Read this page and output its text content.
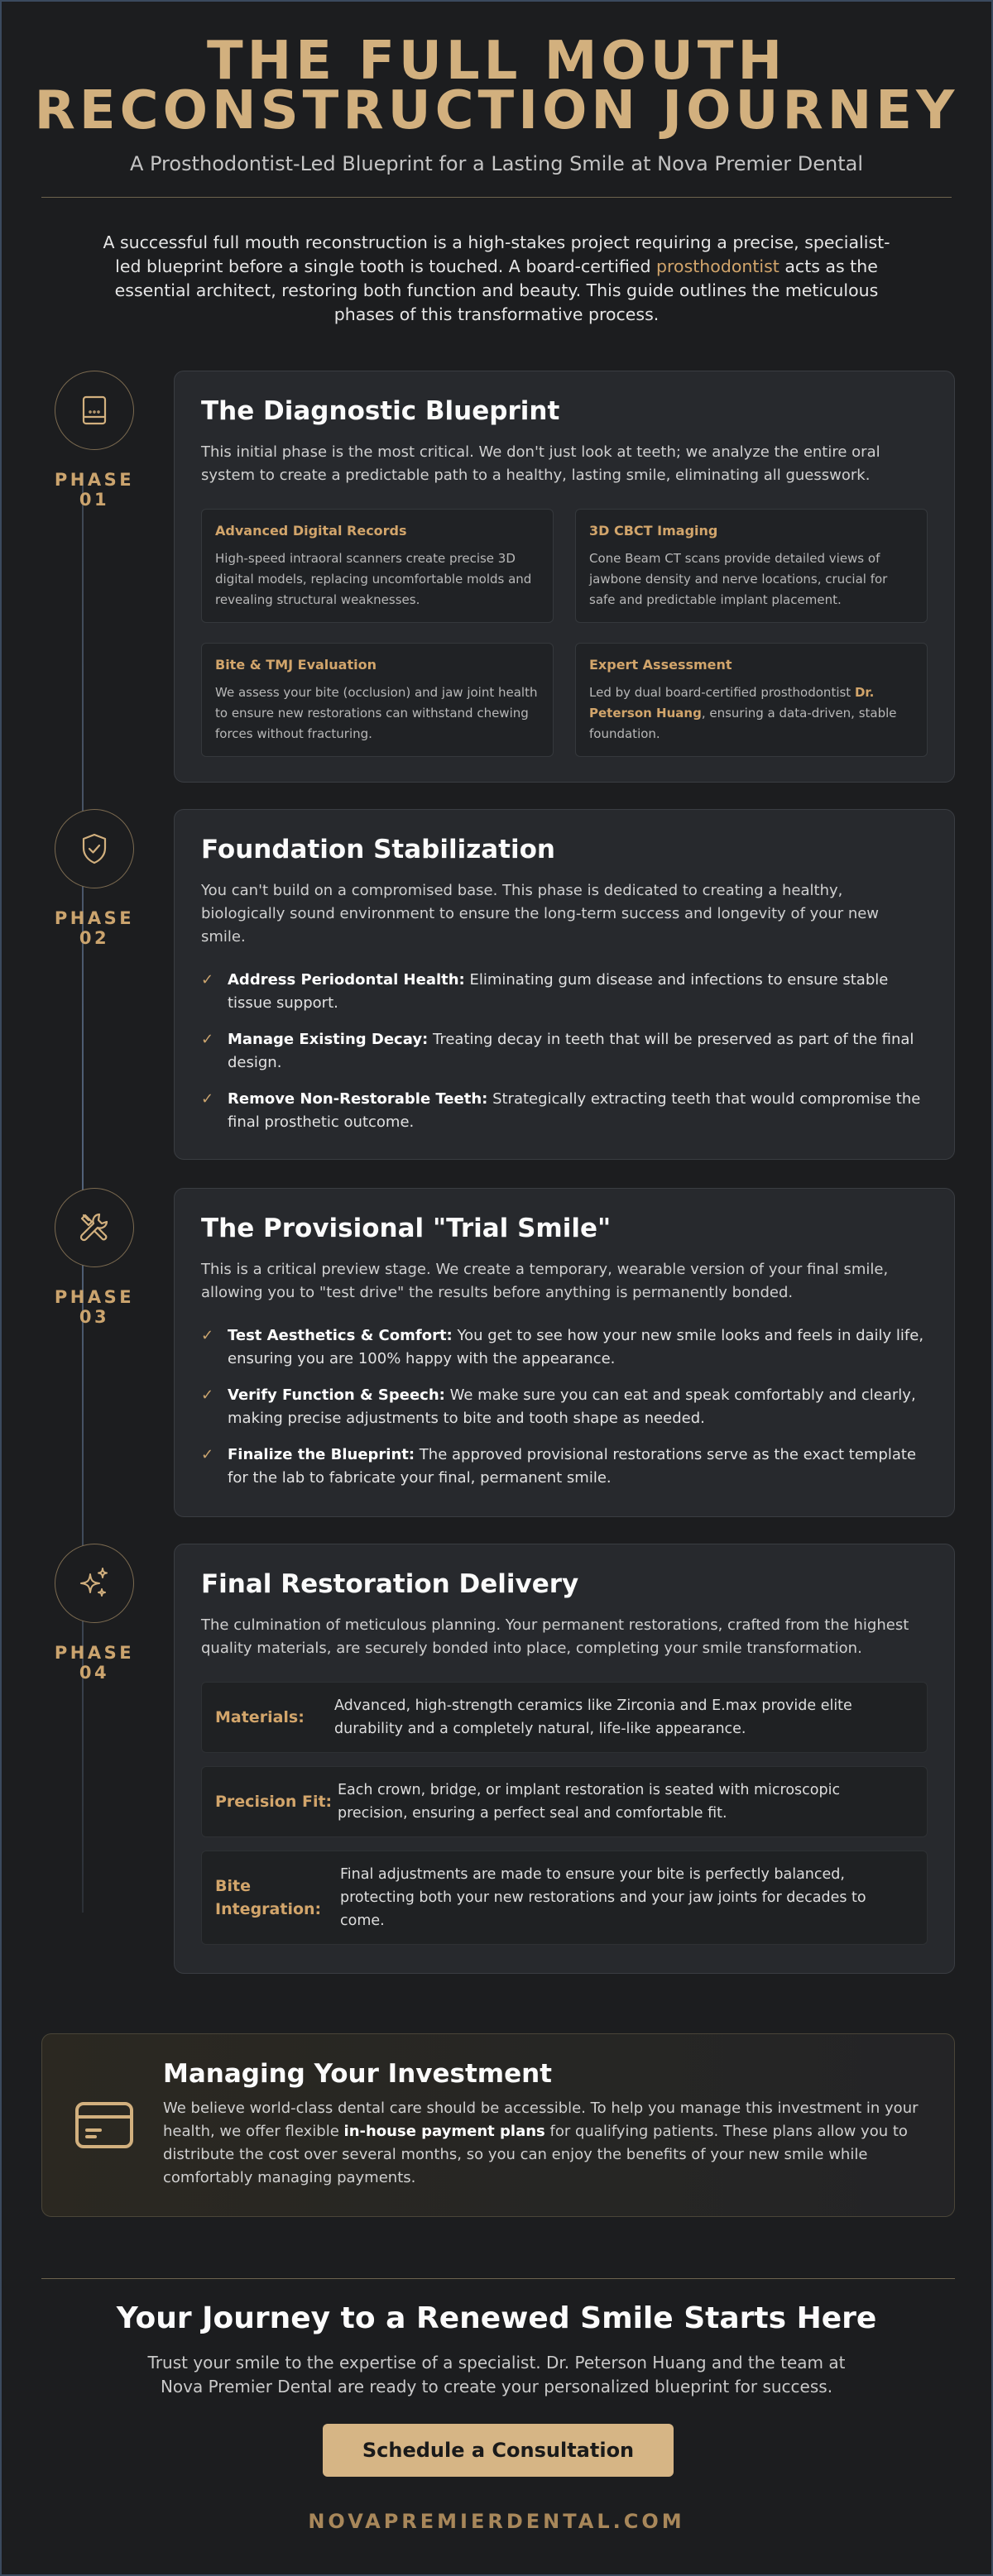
THE FULL MOUTH
RECONSTRUCTION JOURNEY
A Prosthodontist-Led Blueprint for a Lasting Smile at Nova Premier Dental

A successful full mouth reconstruction is a high-stakes project requiring a precise, specialist-led blueprint before a single tooth is touched. A board-certified prosthodontist acts as the essential architect, restoring both function and beauty. This guide outlines the meticulous phases of this transformative process.

PHASE 01
The Diagnostic Blueprint

This initial phase is the most critical. We don't just look at teeth; we analyze the entire oral system to create a predictable path to a healthy, lasting smile, eliminating all guesswork.

Advanced Digital Records

High-speed intraoral scanners create precise 3D digital models, replacing uncomfortable molds and revealing structural weaknesses.

3D CBCT Imaging

Cone Beam CT scans provide detailed views of jawbone density and nerve locations, crucial for safe and predictable implant placement.

Bite & TMJ Evaluation

We assess your bite (occlusion) and jaw joint health to ensure new restorations can withstand chewing forces without fracturing.

Expert Assessment

Led by dual board-certified prosthodontist Dr. Peterson Huang, ensuring a data-driven, stable foundation.

PHASE 02
Foundation Stabilization

You can't build on a compromised base. This phase is dedicated to creating a healthy, biologically sound environment to ensure the long-term success and longevity of your new smile.

✓ Address Periodontal Health: Eliminating gum disease and infections to ensure stable tissue support.
✓ Manage Existing Decay: Treating decay in teeth that will be preserved as part of the final design.
✓ Remove Non-Restorable Teeth: Strategically extracting teeth that would compromise the final prosthetic outcome.
PHASE 03
The Provisional "Trial Smile"

This is a critical preview stage. We create a temporary, wearable version of your final smile, allowing you to "test drive" the results before anything is permanently bonded.

✓ Test Aesthetics & Comfort: You get to see how your new smile looks and feels in daily life, ensuring you are 100% happy with the appearance.
✓ Verify Function & Speech: We make sure you can eat and speak comfortably and clearly, making precise adjustments to bite and tooth shape as needed.
✓ Finalize the Blueprint: The approved provisional restorations serve as the exact template for the lab to fabricate your final, permanent smile.
PHASE 04
Final Restoration Delivery

The culmination of meticulous planning. Your permanent restorations, crafted from the highest quality materials, are securely bonded into place, completing your smile transformation.

Materials:
Advanced, high-strength ceramics like Zirconia and E.max provide elite durability and a completely natural, life-like appearance.
Precision Fit:
Each crown, bridge, or implant restoration is seated with microscopic precision, ensuring a perfect seal and comfortable fit.
Bite Integration:
Final adjustments are made to ensure your bite is perfectly balanced, protecting both your new restorations and your jaw joints for decades to come.
Managing Your Investment

We believe world-class dental care should be accessible. To help you manage this investment in your health, we offer flexible in-house payment plans for qualifying patients. These plans allow you to distribute the cost over several months, so you can enjoy the benefits of your new smile while comfortably managing payments.

Your Journey to a Renewed Smile Starts Here

Trust your smile to the expertise of a specialist. Dr. Peterson Huang and the team at Nova Premier Dental are ready to create your personalized blueprint for success.

Schedule a Consultation
NOVAPREMIERDENTAL.COM
